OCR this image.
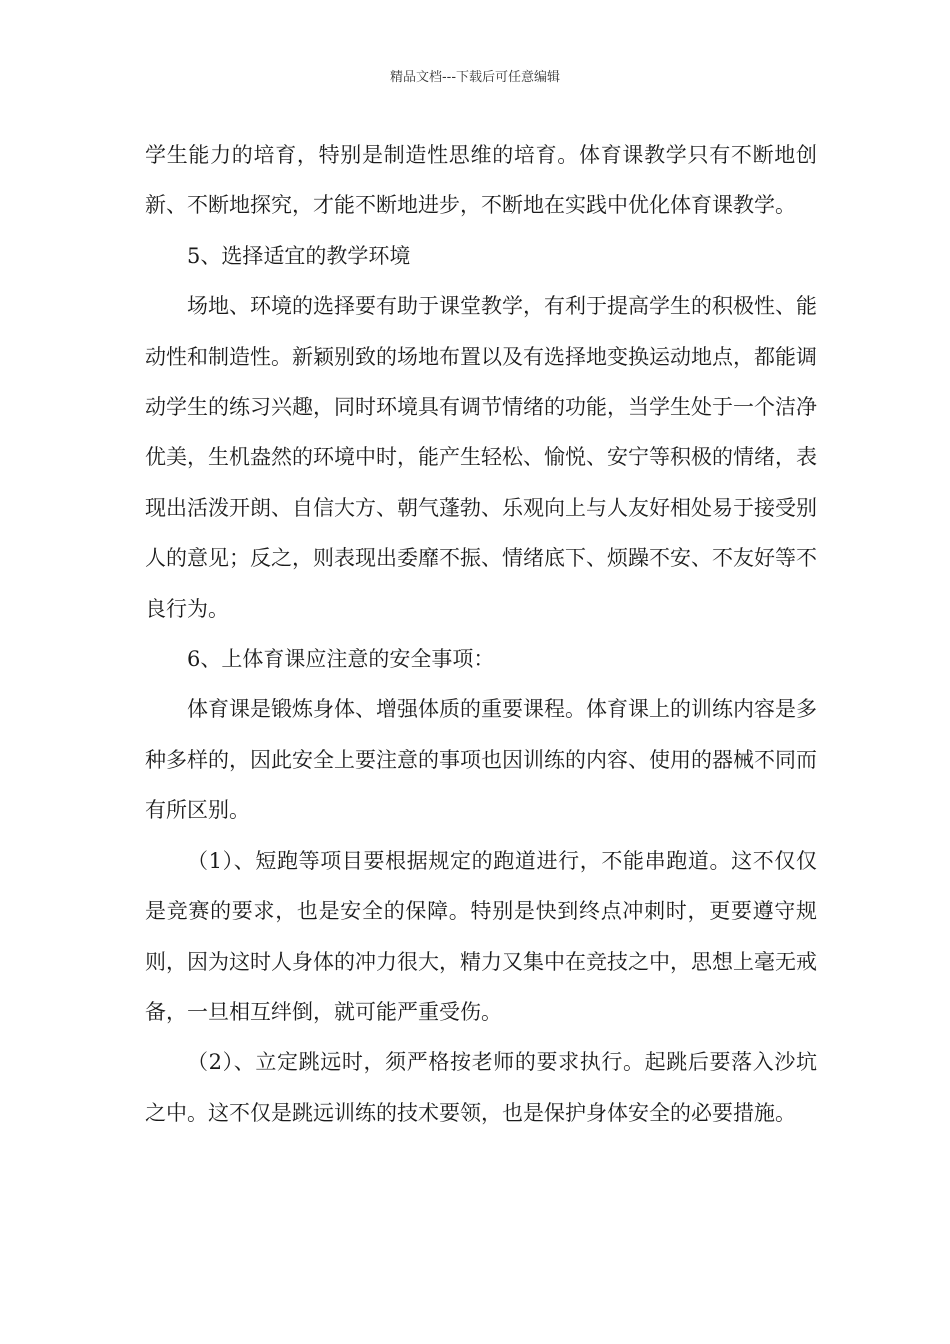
精品文档---下载后可任意编辑

学生能力的培育，特别是制造性思维的培育。体育课教学只有不断地创新、不断地探究，才能不断地进步，不断地在实践中优化体育课教学。

5、选择适宜的教学环境

场地、环境的选择要有助于课堂教学，有利于提高学生的积极性、能动性和制造性。新颖别致的场地布置以及有选择地变换运动地点，都能调动学生的练习兴趣，同时环境具有调节情绪的功能，当学生处于一个洁净优美，生机盎然的环境中时，能产生轻松、愉悦、安宁等积极的情绪，表现出活泼开朗、自信大方、朝气蓬勃、乐观向上与人友好相处易于接受别人的意见；反之，则表现出委靡不振、情绪底下、烦躁不安、不友好等不良行为。

6、上体育课应注意的安全事项：

体育课是锻炼身体、增强体质的重要课程。体育课上的训练内容是多种多样的，因此安全上要注意的事项也因训练的内容、使用的器械不同而有所区别。

（1）、短跑等项目要根据规定的跑道进行，不能串跑道。这不仅仅是竞赛的要求，也是安全的保障。特别是快到终点冲刺时，更要遵守规则，因为这时人身体的冲力很大，精力又集中在竞技之中，思想上毫无戒备，一旦相互绊倒，就可能严重受伤。

（2）、立定跳远时，须严格按老师的要求执行。起跳后要落入沙坑之中。这不仅是跳远训练的技术要领，也是保护身体安全的必要措施。
